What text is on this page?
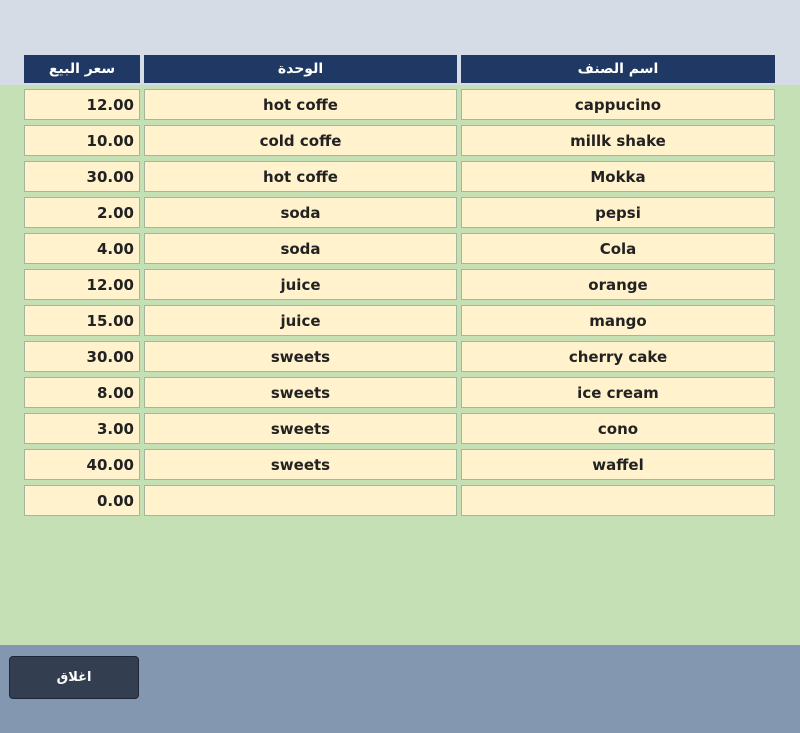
سعر البيع	الوحدة	اسم الصنف
12.00	hot coffe	cappucino
10.00	cold coffe	millk shake
30.00	hot coffe	Mokka
2.00	soda	pepsi
4.00	soda	Cola
12.00	juice	orange
15.00	juice	mango
30.00	sweets	cherry cake
8.00	sweets	ice cream
3.00	sweets	cono
40.00	sweets	waffel
0.00
اغلاق
